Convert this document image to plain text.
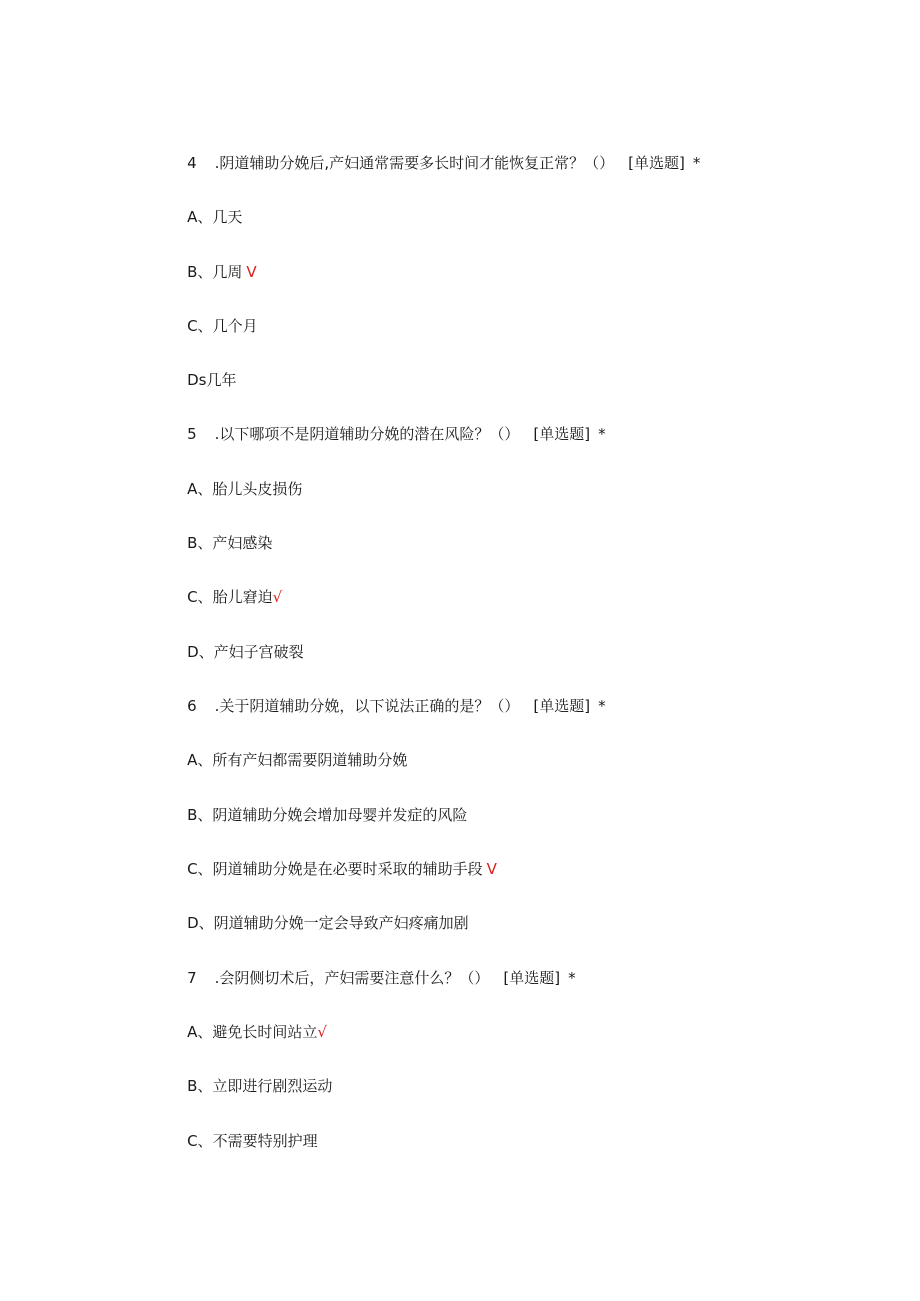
4 .阴道辅助分娩后,产妇通常需要多长时间才能恢复正常？（） [单选题] *

A、几天

B、几周 V

C、几个月

Ds几年

5 .以下哪项不是阴道辅助分娩的潜在风险？（） [单选题] *

A、胎儿头皮损伤

B、产妇感染

C、胎儿窘迫√

D、产妇子宫破裂

6 .关于阴道辅助分娩，以下说法正确的是？（） [单选题] *

A、所有产妇都需要阴道辅助分娩

B、阴道辅助分娩会增加母婴并发症的风险

C、阴道辅助分娩是在必要时采取的辅助手段 V

D、阴道辅助分娩一定会导致产妇疼痛加剧

7 .会阴侧切术后，产妇需要注意什么？（） [单选题] *

A、避免长时间站立√

B、立即进行剧烈运动

C、不需要特别护理
